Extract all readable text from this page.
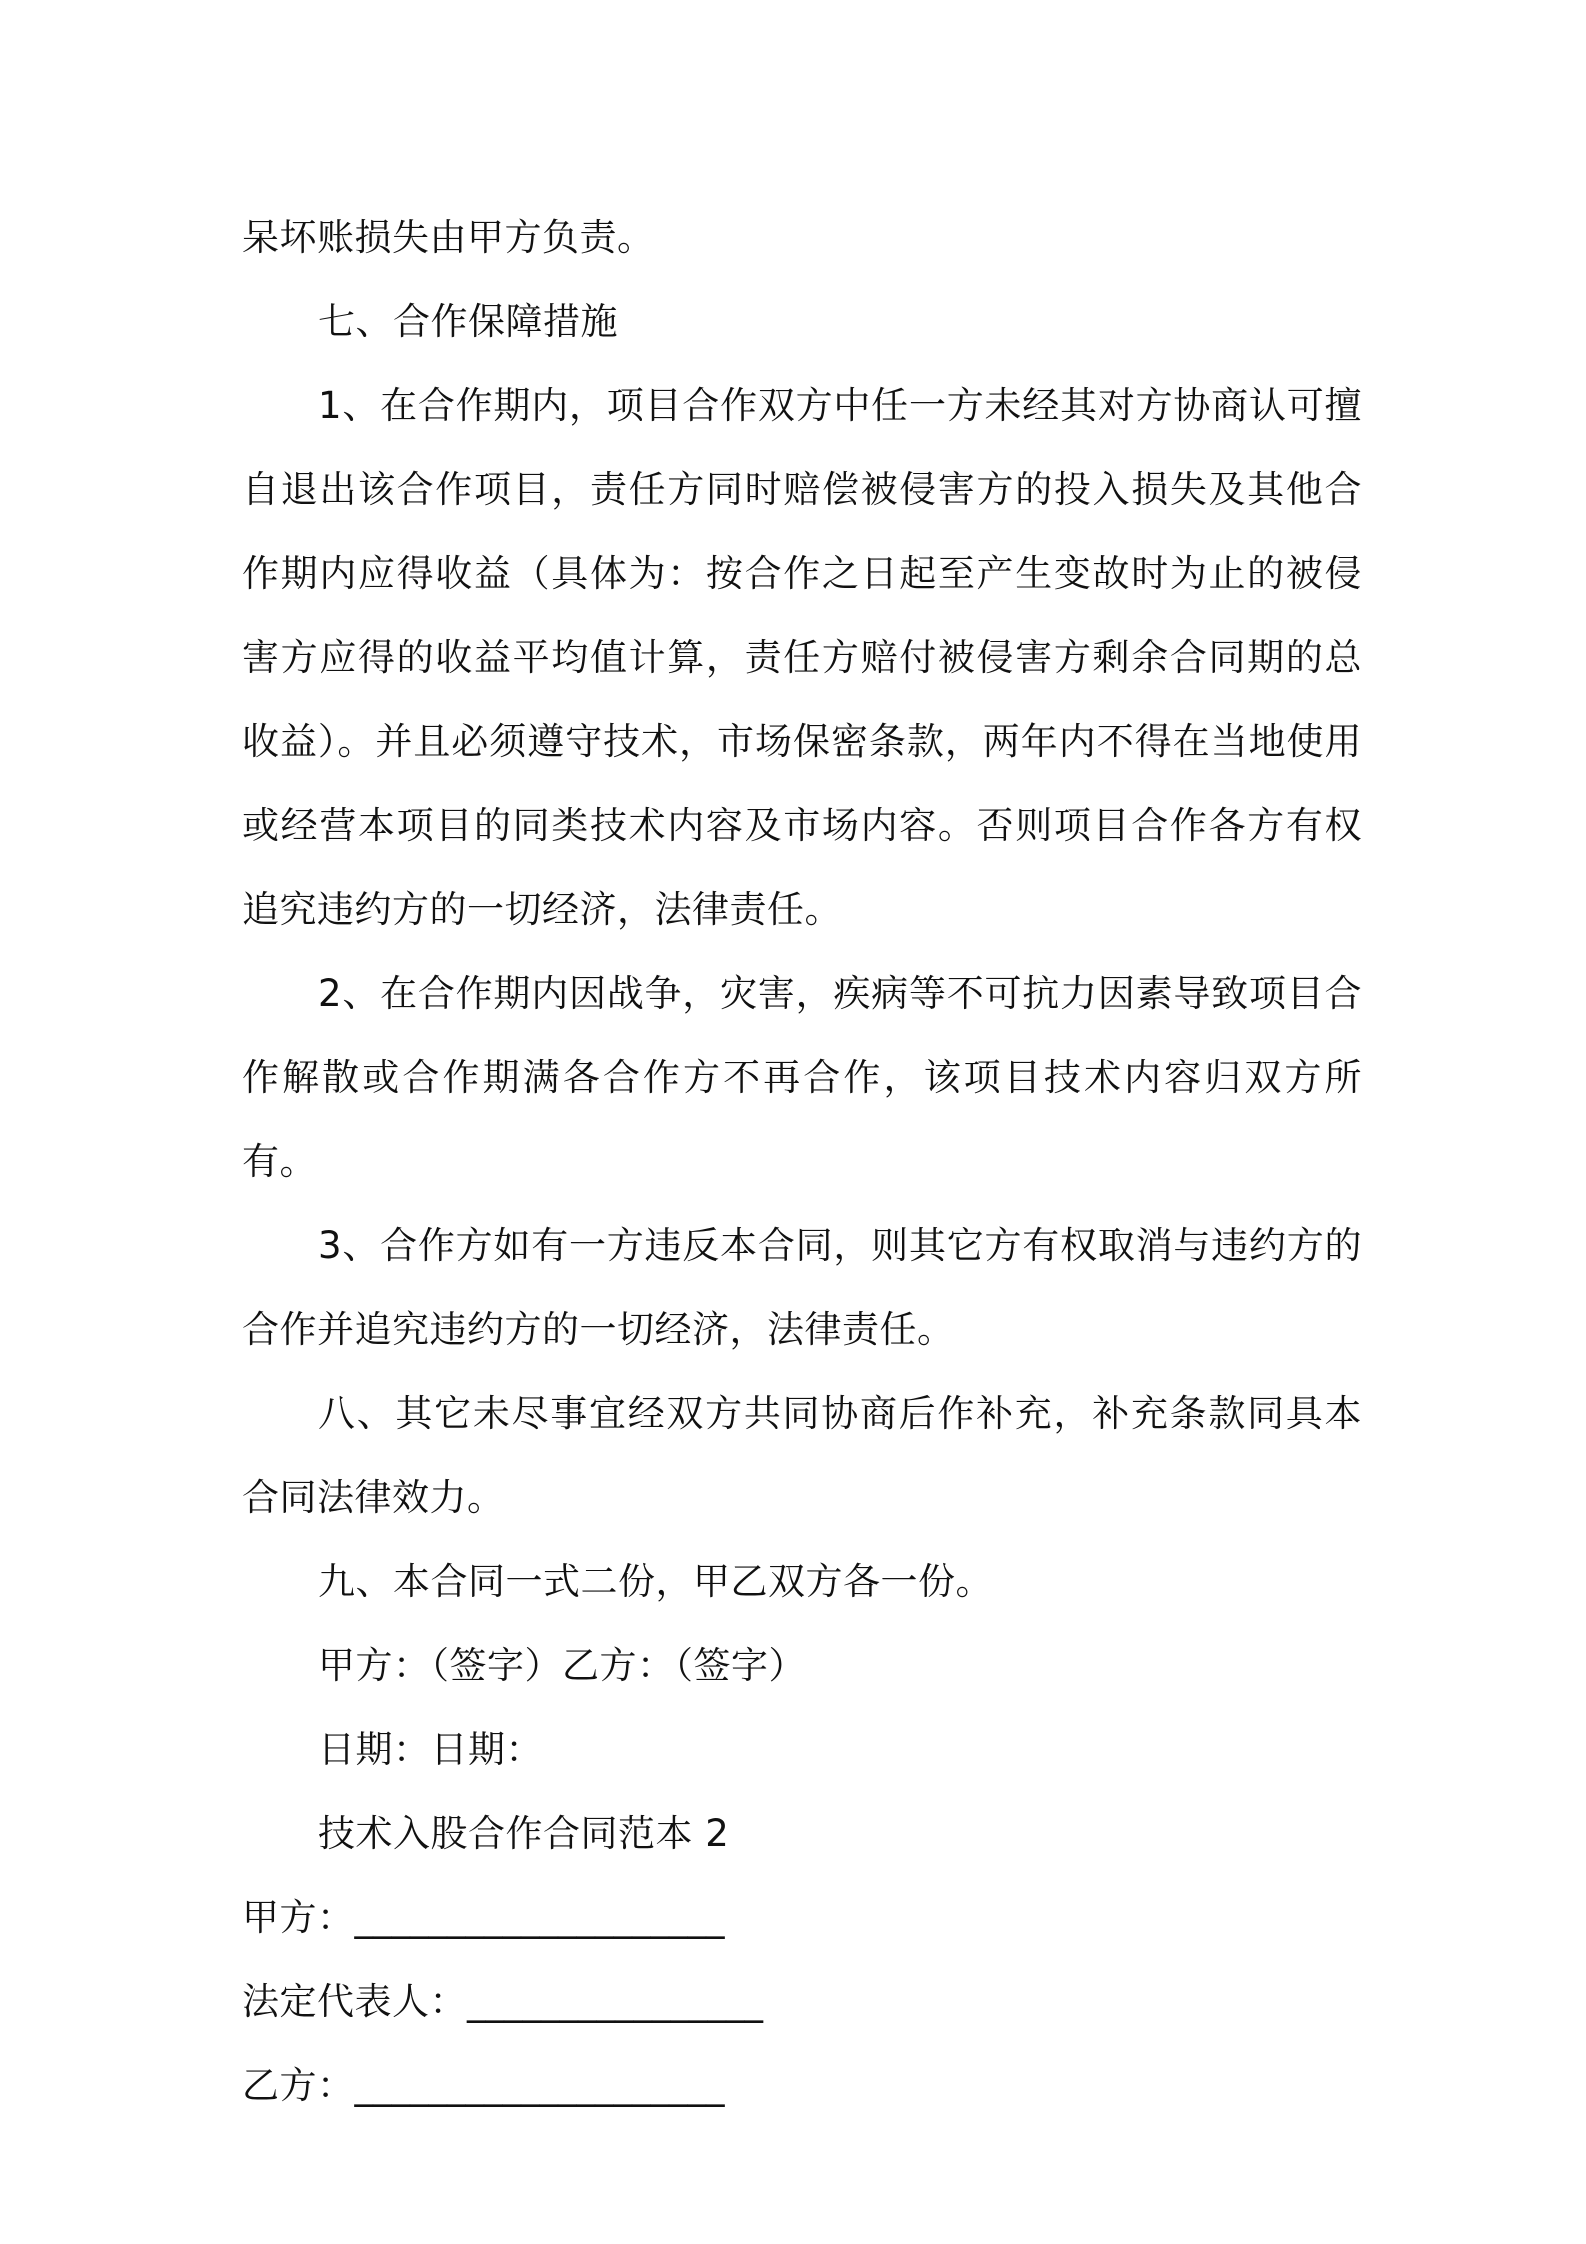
呆坏账损失由甲方负责。

七、合作保障措施

1、在合作期内，项目合作双方中任一方未经其对方协商认可擅自退出该合作项目，责任方同时赔偿被侵害方的投入损失及其他合作期内应得收益（具体为：按合作之日起至产生变故时为止的被侵害方应得的收益平均值计算，责任方赔付被侵害方剩余合同期的总收益）。并且必须遵守技术，市场保密条款，两年内不得在当地使用或经营本项目的同类技术内容及市场内容。否则项目合作各方有权追究违约方的一切经济，法律责任。

2、在合作期内因战争，灾害，疾病等不可抗力因素导致项目合作解散或合作期满各合作方不再合作，该项目技术内容归双方所有。

3、合作方如有一方违反本合同，则其它方有权取消与违约方的合作并追究违约方的一切经济，法律责任。

八、其它未尽事宜经双方共同协商后作补充，补充条款同具本合同法律效力。

九、本合同一式二份，甲乙双方各一份。

甲方：（签字）乙方：（签字）

日期：日期：

技术入股合作合同范本 2

甲方：____________________

法定代表人：________________

乙方：____________________
